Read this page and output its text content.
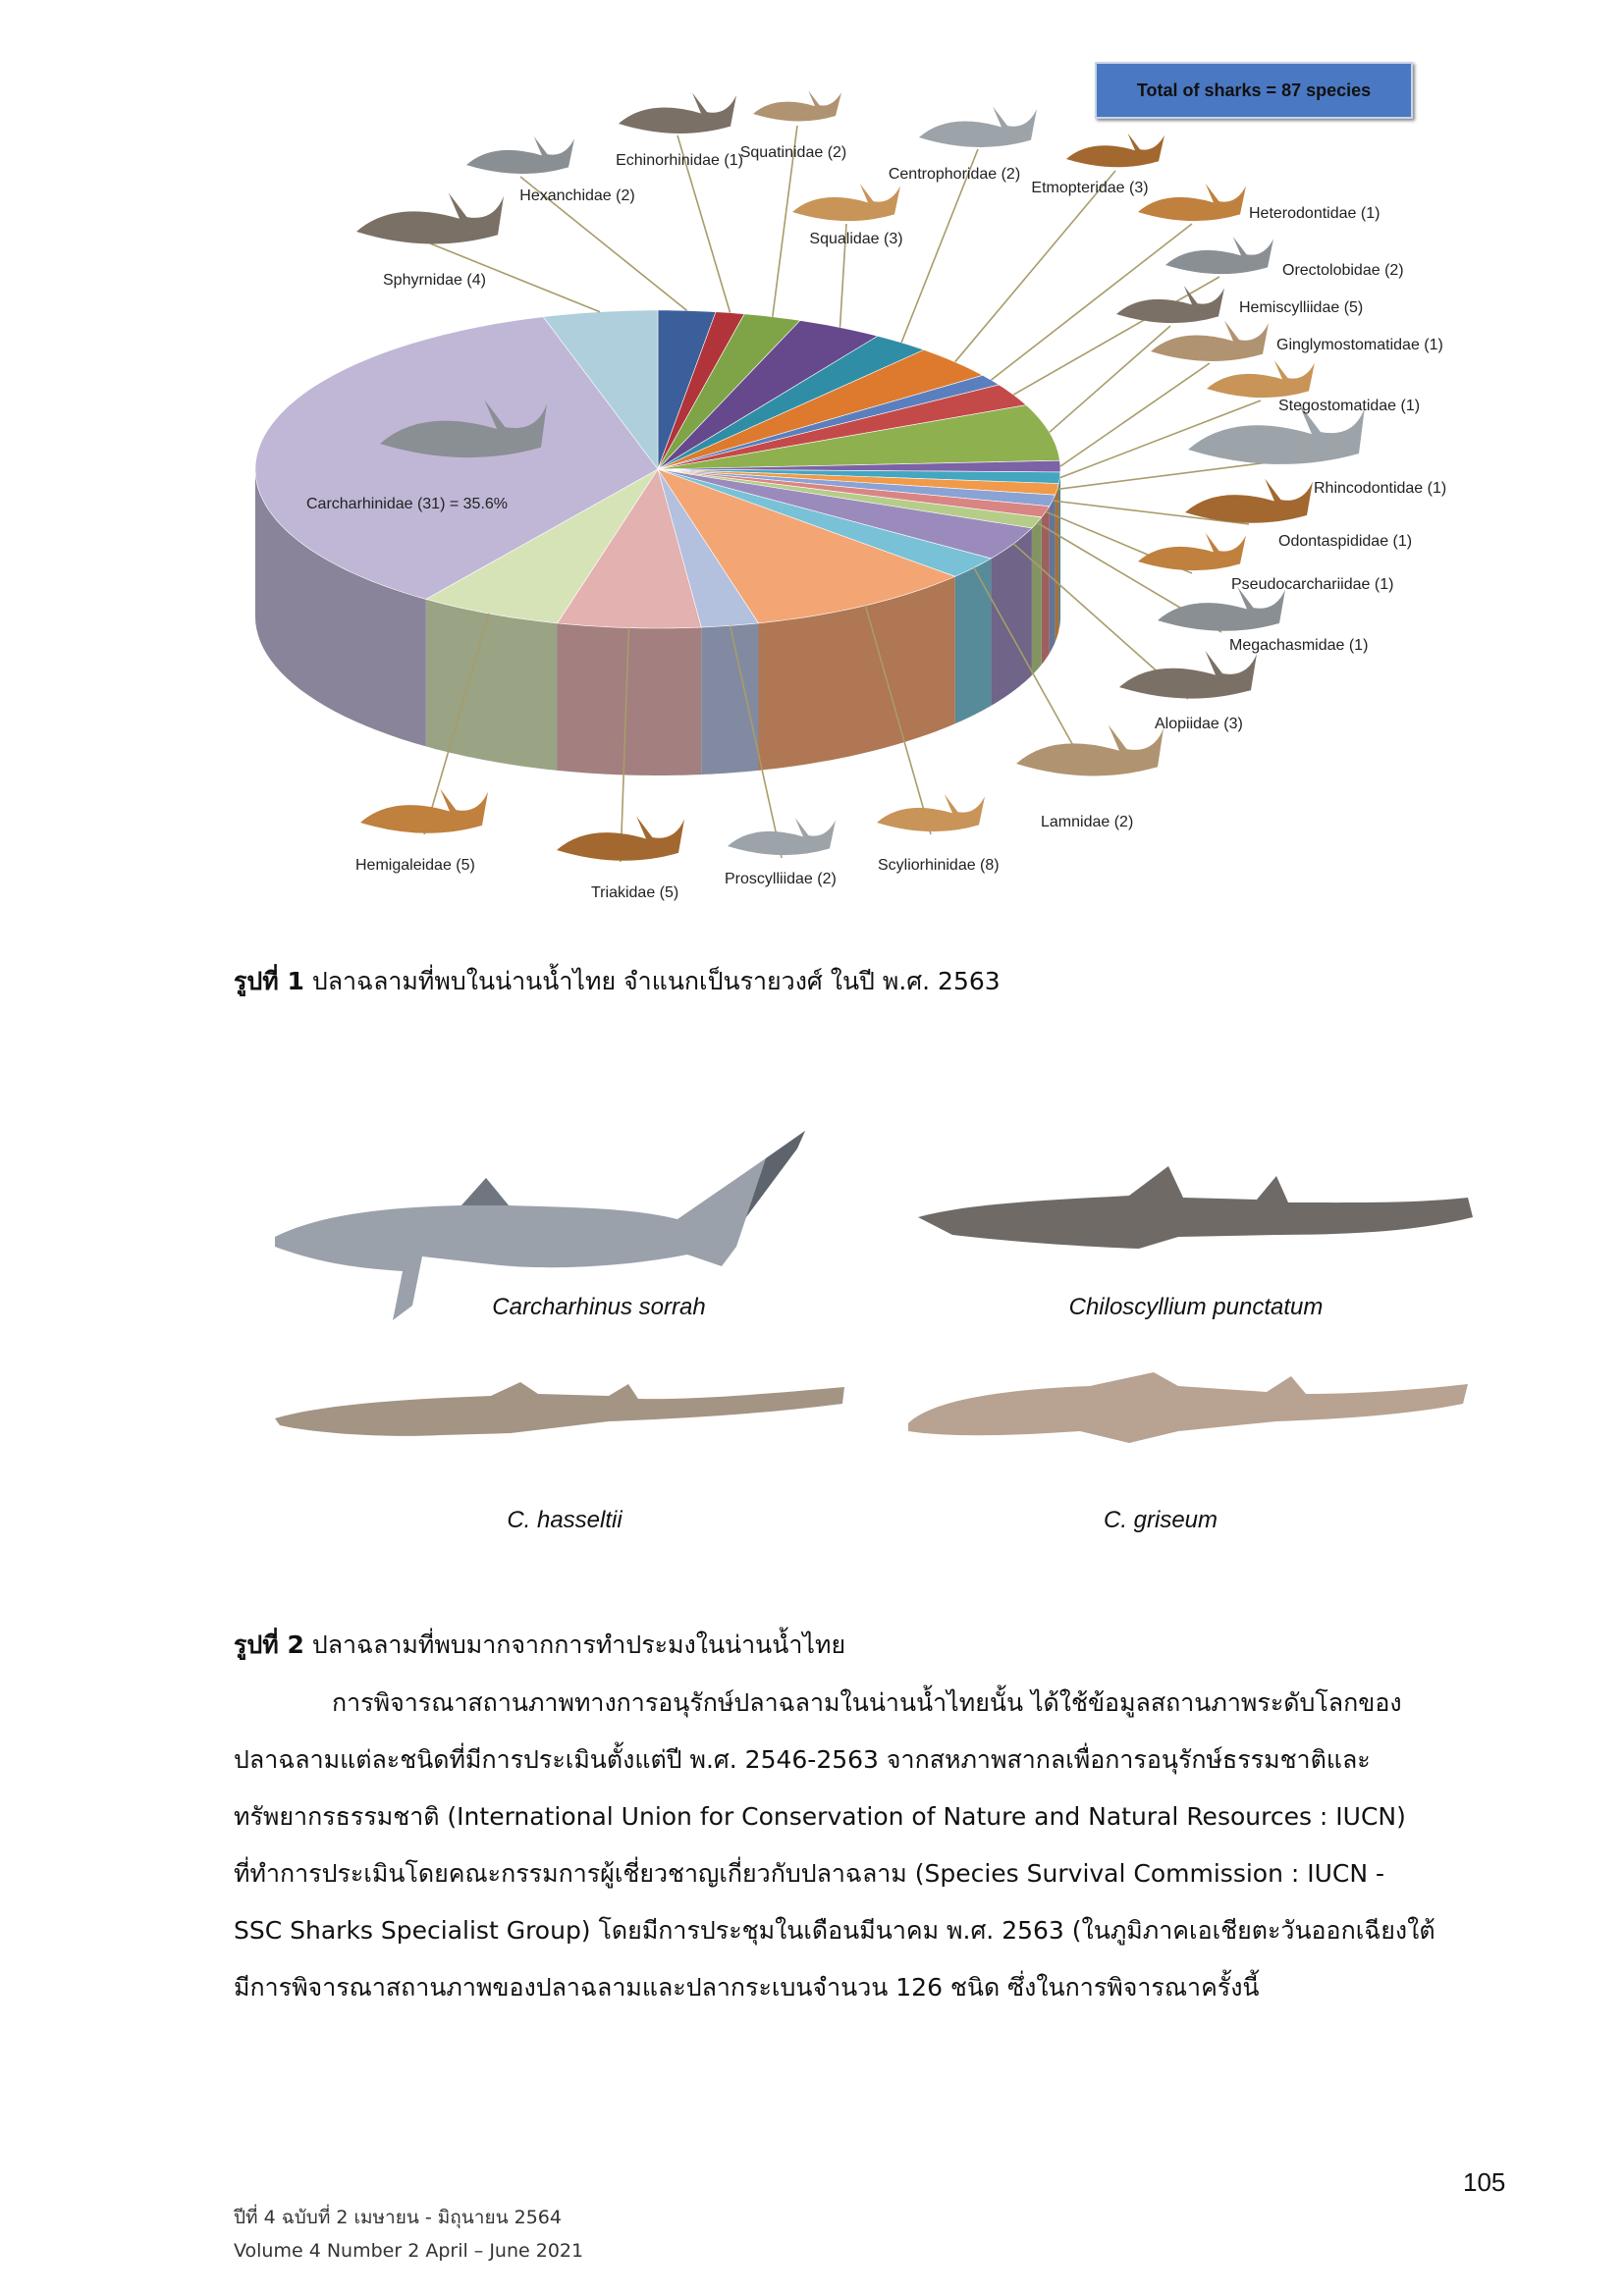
Hexanchidae (2)
Echinorhinidae (1)
Squatinidae (2)
Squalidae (3)
Centrophoridae (2)
Etmopteridae (3)
Heterodontidae (1)
Orectolobidae (2)
Hemiscylliidae (5)
Ginglymostomatidae (1)
Stegostomatidae (1)
Rhincodontidae (1)
Odontaspididae (1)
Pseudocarchariidae (1)
Megachasmidae (1)
Alopiidae (3)
Lamnidae (2)
Scyliorhinidae (8)
Proscylliidae (2)
Triakidae (5)
Hemigaleidae (5)
Carcharhinidae (31) = 35.6%
Sphyrnidae (4)
Total of sharks = 87 species
รูปที่ 1 ปลาฉลามที่พบในน่านน้ำไทย จำแนกเป็นรายวงศ์ ในปี พ.ศ. 2563
Carcharhinus sorrah	Chiloscyllium punctatum
C. hasseltii	C. griseum
รูปที่ 2 ปลาฉลามที่พบมากจากการทำประมงในน่านน้ำไทย
การพิจารณาสถานภาพทางการอนุรักษ์ปลาฉลามในน่านน้ำไทยนั้น ได้ใช้ข้อมูลสถานภาพระดับโลกของ
ปลาฉลามแต่ละชนิดที่มีการประเมินตั้งแต่ปี พ.ศ. 2546-2563 จากสหภาพสากลเพื่อการอนุรักษ์ธรรมชาติและ
ทรัพยากรธรรมชาติ (International Union for Conservation of Nature and Natural Resources : IUCN)
ที่ทำการประเมินโดยคณะกรรมการผู้เชี่ยวชาญเกี่ยวกับปลาฉลาม (Species Survival Commission : IUCN -
SSC Sharks Specialist Group) โดยมีการประชุมในเดือนมีนาคม พ.ศ. 2563 (ในภูมิภาคเอเชียตะวันออกเฉียงใต้
มีการพิจารณาสถานภาพของปลาฉลามและปลากระเบนจำนวน 126 ชนิด ซึ่งในการพิจารณาครั้งนี้
105
ปีที่ 4 ฉบับที่ 2 เมษายน - มิถุนายน 2564
Volume 4 Number 2 April – June 2021
